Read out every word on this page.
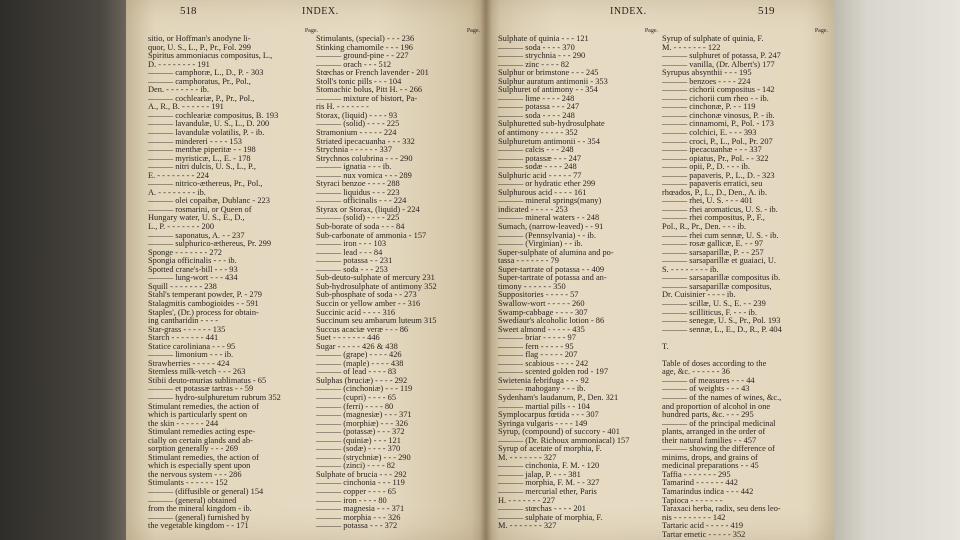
518	INDEX.
Page.
sitio, or Hoffman's anodyne li-
quor, U. S., L., P., Pr., Fol. 299
Spiritus ammoniacus compositus, L.,
D. - - - - - - - - 191
——— camphoræ, L., D., P. - 303
——— camphoratus, Pr., Pol.,
Den. - - - - - - - ib.
——— cochleariæ, P., Pr., Pol.,
A., R., B. - - - - - - 191
——— cochleariæ compositus, B. 193
——— lavandulæ, U. S., L., D. 200
——— lavandulæ volatilis, P. - ib.
——— mindereri - - - - 153
——— menthæ piperitæ - - 198
——— myristicæ, L., E. - 178
——— nitri dulcis, U. S., L., P.,
E. - - - - - - - - 224
——— nitrico-æthereus, Pr., Pol.,
A. - - - - - - - - ib.
——— olei copaibæ, Dublanc - 223
——— rosmarini, or Queen of
Hungary water, U. S., E., D.,
L., P. - - - - - - - 200
——— saponatus, A. - - 237
——— sulphurico-æthereus, Pr. 299
Sponge - - - - - - - 272
Spongia officinalis - - - ib.
Spotted crane's-bill - - - 93
——— lung-wort - - - 434
Squill - - - - - - - 238
Stahl's temperant powder, P. - 279
Stalagmitis cambogioides - - 591
Staples', (Dr.) process for obtain-
ing cantharidin - - - -
Star-grass - - - - - - 135
Starch - - - - - - - 441
Statice caroliniana - - - 95
——— limonium - - - ib.
Strawberries - - - - - 424
Stemless milk-vetch - - - 263
Stibii deuto-murias sublimatus - 65
——— et potassæ tartras - - 59
——— hydro-sulphuretum rubrum 352
Stimulant remedies, the action of
which is particularly spent on
the skin - - - - - - 244
Stimulant remedies acting espe-
cially on certain glands and ab-
sorption generally - - - 269
Stimulant remedies, the action of
which is especially spent upon
the nervous system - - - 286
Stimulants - - - - - - 152
——— (diffusible or general) 154
——— (general) obtained
from the mineral kingdom - ib.
——— (general) furnished by
the vegetable kingdom - - 171
Page.
Stimulants, (special) - - - 236
Stinking chamomile - - - 196
——— ground-pine - - 227
——— orach - - - 512
Stœchas or French lavender - 201
Stoll's tonic pills - - - 104
Stomachic bolus, Pitt H. - - 266
——— mixture of bistort, Pa-
ris H. - - - - - - -
Storax, (liquid) - - - - 93
——— (solid) - - - - 225
Stramonium - - - - - 224
Striated ipecacuanha - - - 332
Strychnia - - - - - - 337
Strychnos colubrina - - - 290
——— ignatia - - - ib.
——— nux vomica - - - 289
Styraci benzoe - - - - 288
——— liquidus - - - 223
——— officinalis - - - 224
Styrax or Storax, (liquid) - 224
——— (solid) - - - - 225
Sub-borate of soda - - - 84
Sub-carbonate of ammonia - 157
——— iron - - - 103
——— lead - - - 84
——— potassa - - 231
——— soda - - - 253
Sub-deuto-sulphate of mercury 231
Sub-hydrosulphate of antimony 352
Sub-phosphate of soda - - 273
Succin or yellow amber - - 316
Succinic acid - - - - 316
Succinum seu ambarum luteum 315
Succus acaciæ veræ - - - 86
Suet - - - - - - - 446
Sugar - - - - - 426 & 438
——— (grape) - - - - 426
——— (maple) - - - - 438
——— of lead - - - - 83
Sulphas (bruciæ) - - - - 292
——— (cinchoniæ) - - - 119
——— (cupri) - - - - 65
——— (ferri) - - - - 80
——— (magnesiæ) - - - 371
——— (morphiæ) - - - 326
——— (potassæ) - - - 372
——— (quiniæ) - - - 121
——— (sodæ) - - - - 370
——— (strychniæ) - - - 290
——— (zinci) - - - - 82
Sulphate of brucia - - - 292
——— cinchonia - - - 119
——— copper - - - - 65
——— iron - - - - 80
——— magnesia - - - 371
——— morphia - - - 326
——— potassa - - - 372
INDEX.	519
Page.
Sulphate of quinia - - - 121
——— soda - - - - 370
——— strychnia - - - 290
——— zinc - - - - 82
Sulphur or brimstone - - - 245
Sulphur auratum antimonii - 353
Sulphuret of antimony - - 354
——— lime - - - - 248
——— potassa - - - 247
——— soda - - - - 248
Sulphuretted sub-hydrosulphate
of antimony - - - - - 352
Sulphuretum antimonii - - 354
——— calcis - - - 248
——— potassæ - - - 247
——— sodæ - - - - 248
Sulphuric acid - - - - - 77
——— or hydratic ether 299
Sulphurous acid - - - - 161
——— mineral springs(many)
indicated - - - - - 253
——— mineral waters - - 248
Sumach, (narrow-leaved) - - 91
——— (Pennsylvania) - - ib.
——— (Virginian) - - ib.
Super-sulphate of alumina and po-
tassa - - - - - - - 79
Super-tartrate of potassa - - 409
Super-tartrate of potassa and an-
timony - - - - - - 350
Suppositories - - - - - 57
Swallow-wort - - - - - 260
Swamp-cabbage - - - - 307
Swediaur's alcoholic lotion - 86
Sweet almond - - - - - 435
——— briar - - - - - 97
——— fern - - - - - 95
——— flag - - - - - 207
——— scabious - - - - 242
——— scented golden rod - 197
Swietenia febrifuga - - - 92
——— mahogany - - - ib.
Sydenham's laudanum, P., Den. 321
——— martial pills - - 104
Symplocarpus fœtida - - - 307
Syringa vulgaris - - - - 149
Syrup, (compound) of succory - 401
——— (Dr. Richoux ammoniacal) 157
Syrup of acetate of morphia, F.
M. - - - - - - - 327
——— cinchonia, F. M. - 120
——— jalap, P. - - - 381
——— morphia, F. M. - - 327
——— mercurial ether, Paris
H. - - - - - - - 227
——— stœchas - - - - 201
——— sulphate of morphia, F.
M. - - - - - - - 327
Page.
Syrup of sulphate of quinia, F.
M. - - - - - - - 122
——— sulphuret of potassa, P. 247
——— vanilla, (Dr. Albert's) 177
Syrupus absynthii - - - 195
——— benzoes - - - - 224
——— cichorii compositus - 142
——— cichorii cum rheo - - ib.
——— cinchonæ, P. - - 119
——— cinchonæ vinosus, P. - ib.
——— cinnamomi, P., Pol. - 173
——— colchici, E. - - - 393
——— croci, P., L., Pol., Pr. 207
——— ipecacuanhæ - - - 337
——— opiatus, Pr., Pol. - - 322
——— opii, P., D. - - - ib.
——— papaveris, P., L., D. - 323
——— papaveris erratici, seu
rhœados, P., L., D., Den., A. ib.
——— rhei, U. S. - - - 401
——— rhei aromaticus, U. S. - ib.
——— rhei compositus, P., F.,
Pol., R., Pr., Den. - - - ib.
——— rhei cum sennæ, U. S. - ib.
——— rosæ gallicæ, E. - - 97
——— sarsaparillæ, P. - - 257
——— sarsaparillæ et guaiaci, U.
S. - - - - - - - - ib.
——— sarsaparillæ compositus ib.
——— sarsaparillæ compositus,
Dr. Cuisinier - - - - ib.
——— scillæ, U. S., E. - - 239
——— scilliticus, F. - - - ib.
——— senegæ, U. S., Pr., Pol. 193
——— sennæ, L., E., D., R., P. 404
T.
Table of doses according to the
age, &c. - - - - - - 36
——— of measures - - - 44
——— of weights - - - 43
——— of the names of wines, &c.,
and proportion of alcohol in one
hundred parts, &c. - - - 295
——— of the principal medicinal
plants, arranged in the order of
their natural families - - 457
——— showing the difference of
minims, drops, and grains of
medicinal preparations - - 45
Taffia - - - - - - - 295
Tamarind - - - - - - 442
Tamarindus indica - - - 442
Tapioca - - - - - - -
Taraxaci herba, radix, seu dens leo-
nis - - - - - - - - 142
Tartaric acid - - - - - 419
Tartar emetic - - - - - 352
